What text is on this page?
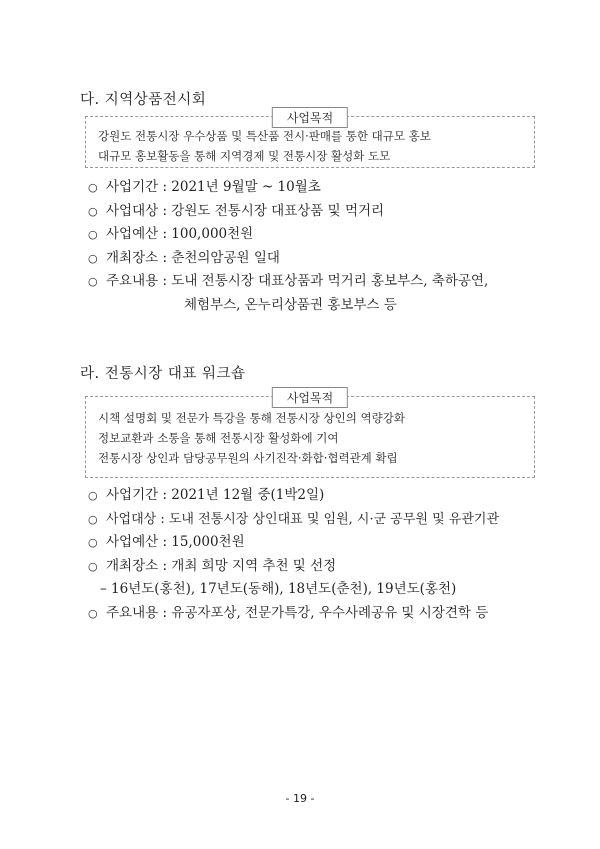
다. 지역상품전시회
사업목적
강원도 전통시장 우수상품 및 특산품 전시·판매를 통한 대규모 홍보
대규모 홍보활동을 통해 지역경제 및 전통시장 활성화 도모
○ 사업기간 : 2021년 9월말 ~ 10월초
○ 사업대상 : 강원도 전통시장 대표상품 및 먹거리
○ 사업예산 : 100,000천원
○ 개최장소 : 춘천의암공원 일대
○ 주요내용 : 도내 전통시장 대표상품과 먹거리 홍보부스, 축하공연,
체험부스, 온누리상품권 홍보부스 등
라. 전통시장 대표 워크숍
사업목적
시책 설명회 및 전문가 특강을 통해 전통시장 상인의 역량강화
정보교환과 소통을 통해 전통시장 활성화에 기여
전통시장 상인과 담당공무원의 사기진작·화합·협력관계 확립
○ 사업기간 : 2021년 12월 중(1박2일)
○ 사업대상 : 도내 전통시장 상인대표 및 임원, 시·군 공무원 및 유관기관
○ 사업예산 : 15,000천원
○ 개최장소 : 개최 희망 지역 추천 및 선정
– 16년도(홍천), 17년도(동해), 18년도(춘천), 19년도(홍천)
○ 주요내용 : 유공자포상, 전문가특강, 우수사례공유 및 시장견학 등
- 19 -
